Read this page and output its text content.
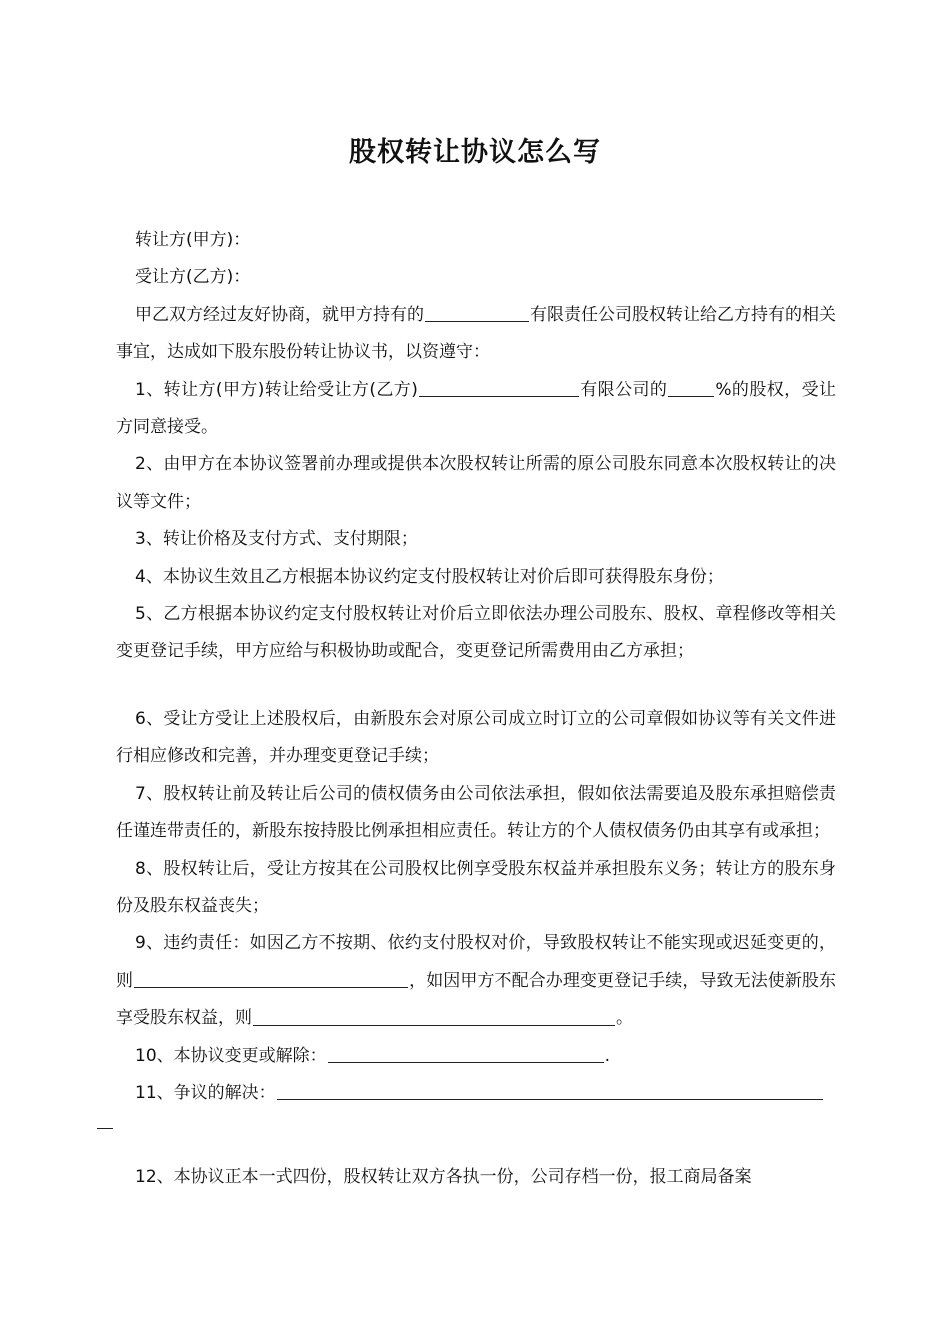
股权转让协议怎么写

转让方(甲方)：

受让方(乙方)：

甲乙双方经过友好协商，就甲方持有的	有限责任公司股权转让给乙方持有的相关事宜，达成如下股东股份转让协议书，以资遵守：

1、转让方(甲方)转让给受让方(乙方)	有限公司的	%的股权，受让方同意接受。

2、由甲方在本协议签署前办理或提供本次股权转让所需的原公司股东同意本次股权转让的决议等文件；

3、转让价格及支付方式、支付期限；

4、本协议生效且乙方根据本协议约定支付股权转让对价后即可获得股东身份；

5、乙方根据本协议约定支付股权转让对价后立即依法办理公司股东、股权、章程修改等相关变更登记手续，甲方应给与积极协助或配合，变更登记所需费用由乙方承担；

6、受让方受让上述股权后，由新股东会对原公司成立时订立的公司章假如协议等有关文件进行相应修改和完善，并办理变更登记手续；

7、股权转让前及转让后公司的债权债务由公司依法承担，假如依法需要追及股东承担赔偿责任谨连带责任的，新股东按持股比例承担相应责任。转让方的个人债权债务仍由其享有或承担；

8、股权转让后，受让方按其在公司股权比例享受股东权益并承担股东义务；转让方的股东身份及股东权益丧失；

9、违约责任：如因乙方不按期、依约支付股权对价，导致股权转让不能实现或迟延变更的，则	，如因甲方不配合办理变更登记手续，导致无法使新股东享受股东权益，则	。

10、本协议变更或解除：	.

11、争议的解决：

12、本协议正本一式四份，股权转让双方各执一份，公司存档一份，报工商局备案
